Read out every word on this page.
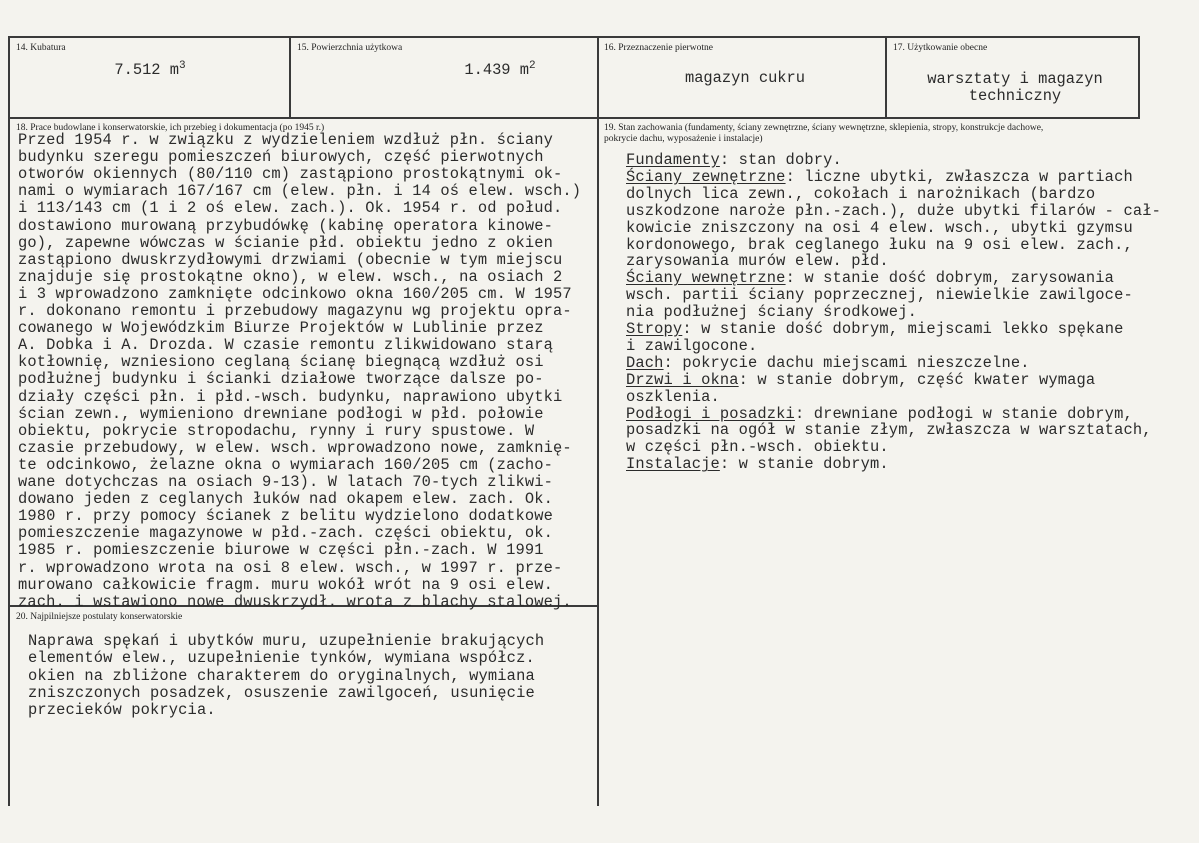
14. Kubatura
7.512 $m^3$
15. Powierzchnia użytkowa
1.439 $m^2$
16. Przeznaczenie pierwotne
magazyn cukru
17. Użytkowanie obecne
warsztaty i magazyn
techniczny
18. Prace budowlane i konserwatorskie, ich przebieg i dokumentacja (po 1945 r.)
Przed 1954 r. w związku z wydzieleniem wzdłuż płn. ściany
budynku szeregu pomieszczeń biurowych, część pierwotnych
otworów okiennych (80/110 cm) zastąpiono prostokątnymi ok-
nami o wymiarach 167/167 cm (elew. płn. i 14 oś elew. wsch.)
i 113/143 cm (1 i 2 oś elew. zach.). Ok. 1954 r. od połud.
dostawiono murowaną przybudówkę (kabinę operatora kinowe-
go), zapewne wówczas w ścianie płd. obiektu jedno z okien
zastąpiono dwuskrzydłowymi drzwiami (obecnie w tym miejscu
znajduje się prostokątne okno), w elew. wsch., na osiach 2
i 3 wprowadzono zamknięte odcinkowo okna 160/205 cm. W 1957
r. dokonano remontu i przebudowy magazynu wg projektu opra-
cowanego w Wojewódzkim Biurze Projektów w Lublinie przez
A. Dobka i A. Drozda. W czasie remontu zlikwidowano starą
kotłownię, wzniesiono ceglaną ścianę biegnącą wzdłuż osi
podłużnej budynku i ścianki działowe tworzące dalsze po-
działy części płn. i płd.-wsch. budynku, naprawiono ubytki
ścian zewn., wymieniono drewniane podłogi w płd. połowie
obiektu, pokrycie stropodachu, rynny i rury spustowe. W
czasie przebudowy, w elew. wsch. wprowadzono nowe, zamknię-
te odcinkowo, żelazne okna o wymiarach 160/205 cm (zacho-
wane dotychczas na osiach 9-13). W latach 70-tych zlikwi-
dowano jeden z ceglanych łuków nad okapem elew. zach. Ok.
1980 r. przy pomocy ścianek z belitu wydzielono dodatkowe
pomieszczenie magazynowe w płd.-zach. części obiektu, ok.
1985 r. pomieszczenie biurowe w części płn.-zach. W 1991
r. wprowadzono wrota na osi 8 elew. wsch., w 1997 r. prze-
murowano całkowicie fragm. muru wokół wrót na 9 osi elew.
zach. i wstawiono nowe dwuskrzydł. wrota z blachy stalowej.
19. Stan zachowania (fundamenty, ściany zewnętrzne, ściany wewnętrzne, sklepienia, stropy, konstrukcje dachowe,
pokrycie dachu, wyposażenie i instalacje)
Fundamenty: stan dobry.
Ściany zewnętrzne: liczne ubytki, zwłaszcza w partiach
dolnych lica zewn., cokołach i narożnikach (bardzo
uszkodzone naroże płn.-zach.), duże ubytki filarów - cał-
kowicie zniszczony na osi 4 elew. wsch., ubytki gzymsu
kordonowego, brak ceglanego łuku na 9 osi elew. zach.,
zarysowania murów elew. płd.
Ściany wewnętrzne: w stanie dość dobrym, zarysowania
wsch. partii ściany poprzecznej, niewielkie zawilgoce-
nia podłużnej ściany środkowej.
Stropy: w stanie dość dobrym, miejscami lekko spękane
i zawilgocone.
Dach: pokrycie dachu miejscami nieszczelne.
Drzwi i okna: w stanie dobrym, część kwater wymaga
oszklenia.
Podłogi i posadzki: drewniane podłogi w stanie dobrym,
posadzki na ogół w stanie złym, zwłaszcza w warsztatach,
w części płn.-wsch. obiektu.
Instalacje: w stanie dobrym.
20. Najpilniejsze postulaty konserwatorskie
Naprawa spękań i ubytków muru, uzupełnienie brakujących
elementów elew., uzupełnienie tynków, wymiana współcz.
okien na zbliżone charakterem do oryginalnych, wymiana
zniszczonych posadzek, osuszenie zawilgoceń, usunięcie
przecieków pokrycia.
